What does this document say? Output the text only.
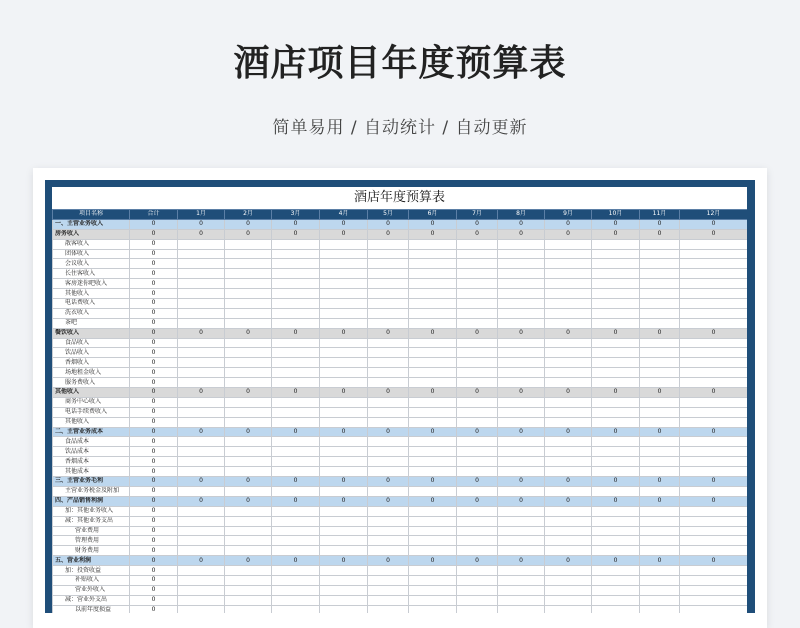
酒店项目年度预算表
简单易用 / 自动统计 / 自动更新
酒店年度预算表
项目名称	合计	1月	2月	3月	4月	5月	6月	7月	8月	9月	10月	11月	12月
一、主营业务收入	0	0	0	0	0	0	0	0	0	0	0	0	0
房务收入	0	0	0	0	0	0	0	0	0	0	0	0	0
散客收入	0												
团体收入	0												
会议收入	0												
长住客收入	0												
客房迷你吧收入	0												
其他收入	0												
电话费收入	0												
洗衣收入	0												
茶吧	0												
餐饮收入	0	0	0	0	0	0	0	0	0	0	0	0	0
食品收入	0												
饮品收入	0												
香烟收入	0												
场地租金收入	0												
服务费收入	0												
其他收入	0	0	0	0	0	0	0	0	0	0	0	0	0
商务中心收入	0												
电话手续费收入	0												
其他收入	0												
二、主营业务成本	0	0	0	0	0	0	0	0	0	0	0	0	0
食品成本	0												
饮品成本	0												
香烟成本	0												
其他成本	0												
三、主营业务毛利	0	0	0	0	0	0	0	0	0	0	0	0	0
主营业务税金及附加	0												
四、产品销售利润	0	0	0	0	0	0	0	0	0	0	0	0	0
加：其他业务收入	0												
减：其他业务支出	0												
营业费用	0												
管理费用	0												
财务费用	0												
五、营业利润	0	0	0	0	0	0	0	0	0	0	0	0	0
加：投资收益	0												
补贴收入	0												
营业外收入	0												
减：营业外支出	0												
以前年度损益	0												
